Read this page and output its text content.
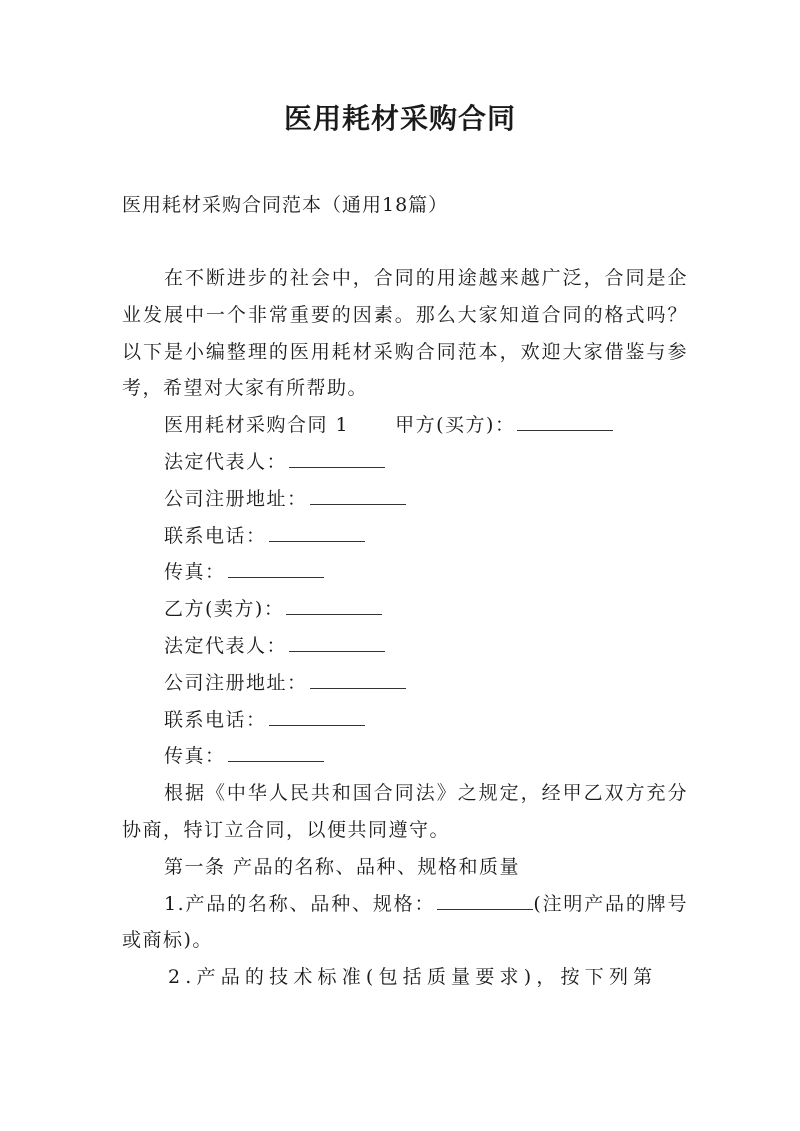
医用耗材采购合同
医用耗材采购合同范本（通用18篇）

在不断进步的社会中，合同的用途越来越广泛，合同是企业发展中一个非常重要的因素。那么大家知道合同的格式吗？以下是小编整理的医用耗材采购合同范本，欢迎大家借鉴与参考，希望对大家有所帮助。

医用耗材采购合同 1 甲方(买方)：

法定代表人：

公司注册地址：

联系电话：

传真：

乙方(卖方)：

法定代表人：

公司注册地址：

联系电话：

传真：

根据《中华人民共和国合同法》之规定，经甲乙双方充分协商，特订立合同，以便共同遵守。

第一条 产品的名称、品种、规格和质量

1.产品的名称、品种、规格：	(注明产品的牌号或商标)。

2.产品的技术标准(包括质量要求)，按下列第
